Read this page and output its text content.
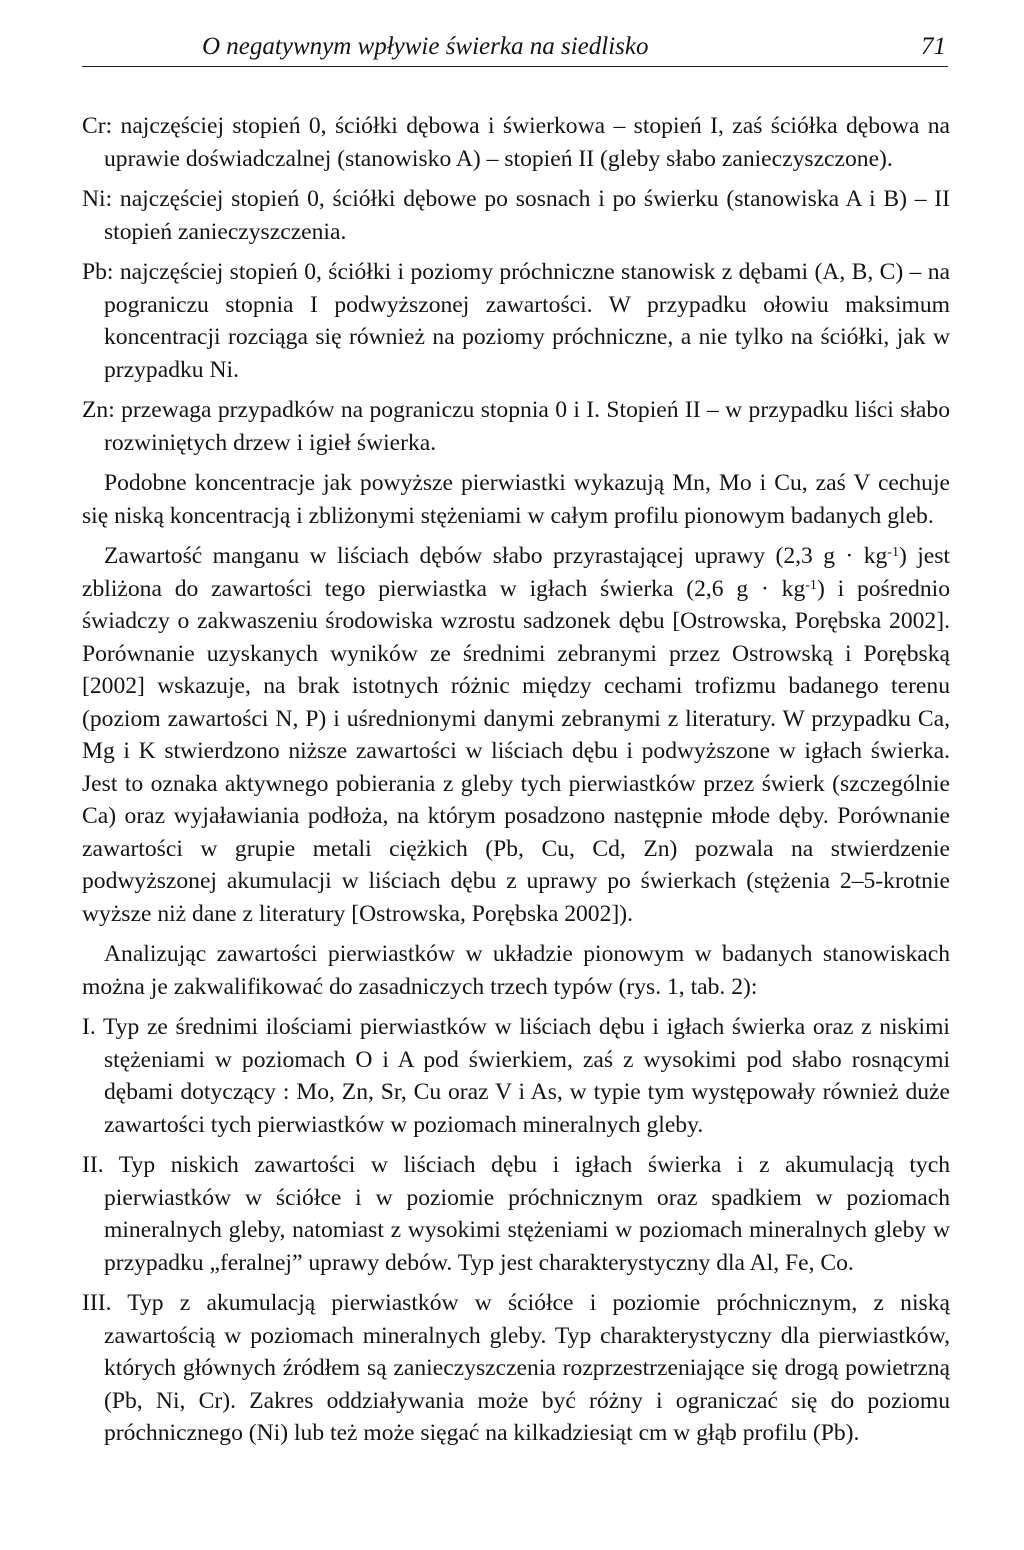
O negatywnym wpływie świerka na siedlisko	71

Cr: najczęściej stopień 0, ściółki dębowa i świerkowa – stopień I, zaś ściółka dębowa na uprawie doświadczalnej (stanowisko A) – stopień II (gleby słabo zanieczyszczone).

Ni: najczęściej stopień 0, ściółki dębowe po sosnach i po świerku (stanowiska A i B) – II stopień zanieczyszczenia.

Pb: najczęściej stopień 0, ściółki i poziomy próchniczne stanowisk z dębami (A, B, C) – na pograniczu stopnia I podwyższonej zawartości. W przypadku ołowiu maksimum koncentracji rozciąga się również na poziomy próchniczne, a nie tylko na ściółki, jak w przypadku Ni.

Zn: przewaga przypadków na pograniczu stopnia 0 i I. Stopień II – w przypadku liści słabo rozwiniętych drzew i igieł świerka.

Podobne koncentracje jak powyższe pierwiastki wykazują Mn, Mo i Cu, zaś V cechuje się niską koncentracją i zbliżonymi stężeniami w całym profilu pionowym badanych gleb.

Zawartość manganu w liściach dębów słabo przyrastającej uprawy (2,3 $g \cdot kg^{-1}$) jest zbliżona do zawartości tego pierwiastka w igłach świerka (2,6 $g \cdot kg^{-1}$) i pośrednio świadczy o zakwaszeniu środowiska wzrostu sadzonek dębu [Ostrowska, Porębska 2002]. Porównanie uzyskanych wyników ze średnimi zebranymi przez Ostrowską i Porębską [2002] wskazuje, na brak istotnych różnic między cechami trofizmu badanego terenu (poziom zawartości N, P) i uśrednionymi danymi zebranymi z literatury. W przypadku Ca, Mg i K stwierdzono niższe zawartości w liściach dębu i podwyższone w igłach świerka. Jest to oznaka aktywnego pobierania z gleby tych pierwiastków przez świerk (szczególnie Ca) oraz wyjaławiania podłoża, na którym posadzono następnie młode dęby. Porównanie zawartości w grupie metali ciężkich (Pb, Cu, Cd, Zn) pozwala na stwierdzenie podwyższonej akumulacji w liściach dębu z uprawy po świerkach (stężenia 2–5-krotnie wyższe niż dane z literatury [Ostrowska, Porębska 2002]).

Analizując zawartości pierwiastków w układzie pionowym w badanych stanowiskach można je zakwalifikować do zasadniczych trzech typów (rys. 1, tab. 2):

I. Typ ze średnimi ilościami pierwiastków w liściach dębu i igłach świerka oraz z niskimi stężeniami w poziomach O i A pod świerkiem, zaś z wysokimi pod słabo rosnącymi dębami dotyczący : Mo, Zn, Sr, Cu oraz V i As, w typie tym występowały również duże zawartości tych pierwiastków w poziomach mineralnych gleby.

II. Typ niskich zawartości w liściach dębu i igłach świerka i z akumulacją tych pierwiastków w ściółce i w poziomie próchnicznym oraz spadkiem w poziomach mineralnych gleby, natomiast z wysokimi stężeniami w poziomach mineralnych gleby w przypadku „feralnej” uprawy debów. Typ jest charakterystyczny dla Al, Fe, Co.

III. Typ z akumulacją pierwiastków w ściółce i poziomie próchnicznym, z niską zawartością w poziomach mineralnych gleby. Typ charakterystyczny dla pierwiastków, których głównych źródłem są zanieczyszczenia rozprzestrzeniające się drogą powietrzną (Pb, Ni, Cr). Zakres oddziaływania może być różny i ograniczać się do poziomu próchnicznego (Ni) lub też może sięgać na kilkadziesiąt cm w głąb profilu (Pb).
